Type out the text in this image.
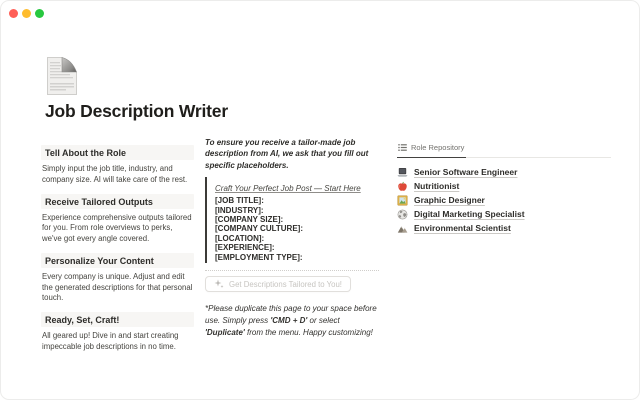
Job Description Writer
Tell About the Role
Simply input the job title, industry, and company size. AI will take care of the rest.
Receive Tailored Outputs
Experience comprehensive outputs tailored for you. From role overviews to perks, we've got every angle covered.
Personalize Your Content
Every company is unique. Adjust and edit the generated descriptions for that personal touch.
Ready, Set, Craft!
All geared up! Dive in and start creating impeccable job descriptions in no time.
To ensure you receive a tailor-made job description from AI, we ask that you fill out specific placeholders.
Craft Your Perfect Job Post — Start Here
[JOB TITLE]:
[INDUSTRY]:
[COMPANY SIZE]:
[COMPANY CULTURE]:
[LOCATION]:
[EXPERIENCE]:
[EMPLOYMENT TYPE]:
Get Descriptions Tailored to You!
*Please duplicate this page to your space before use. Simply press 'CMD + D' or select 'Duplicate' from the menu. Happy customizing!
Role Repository
Senior Software Engineer
Nutritionist
Graphic Designer
Digital Marketing Specialist
Environmental Scientist
